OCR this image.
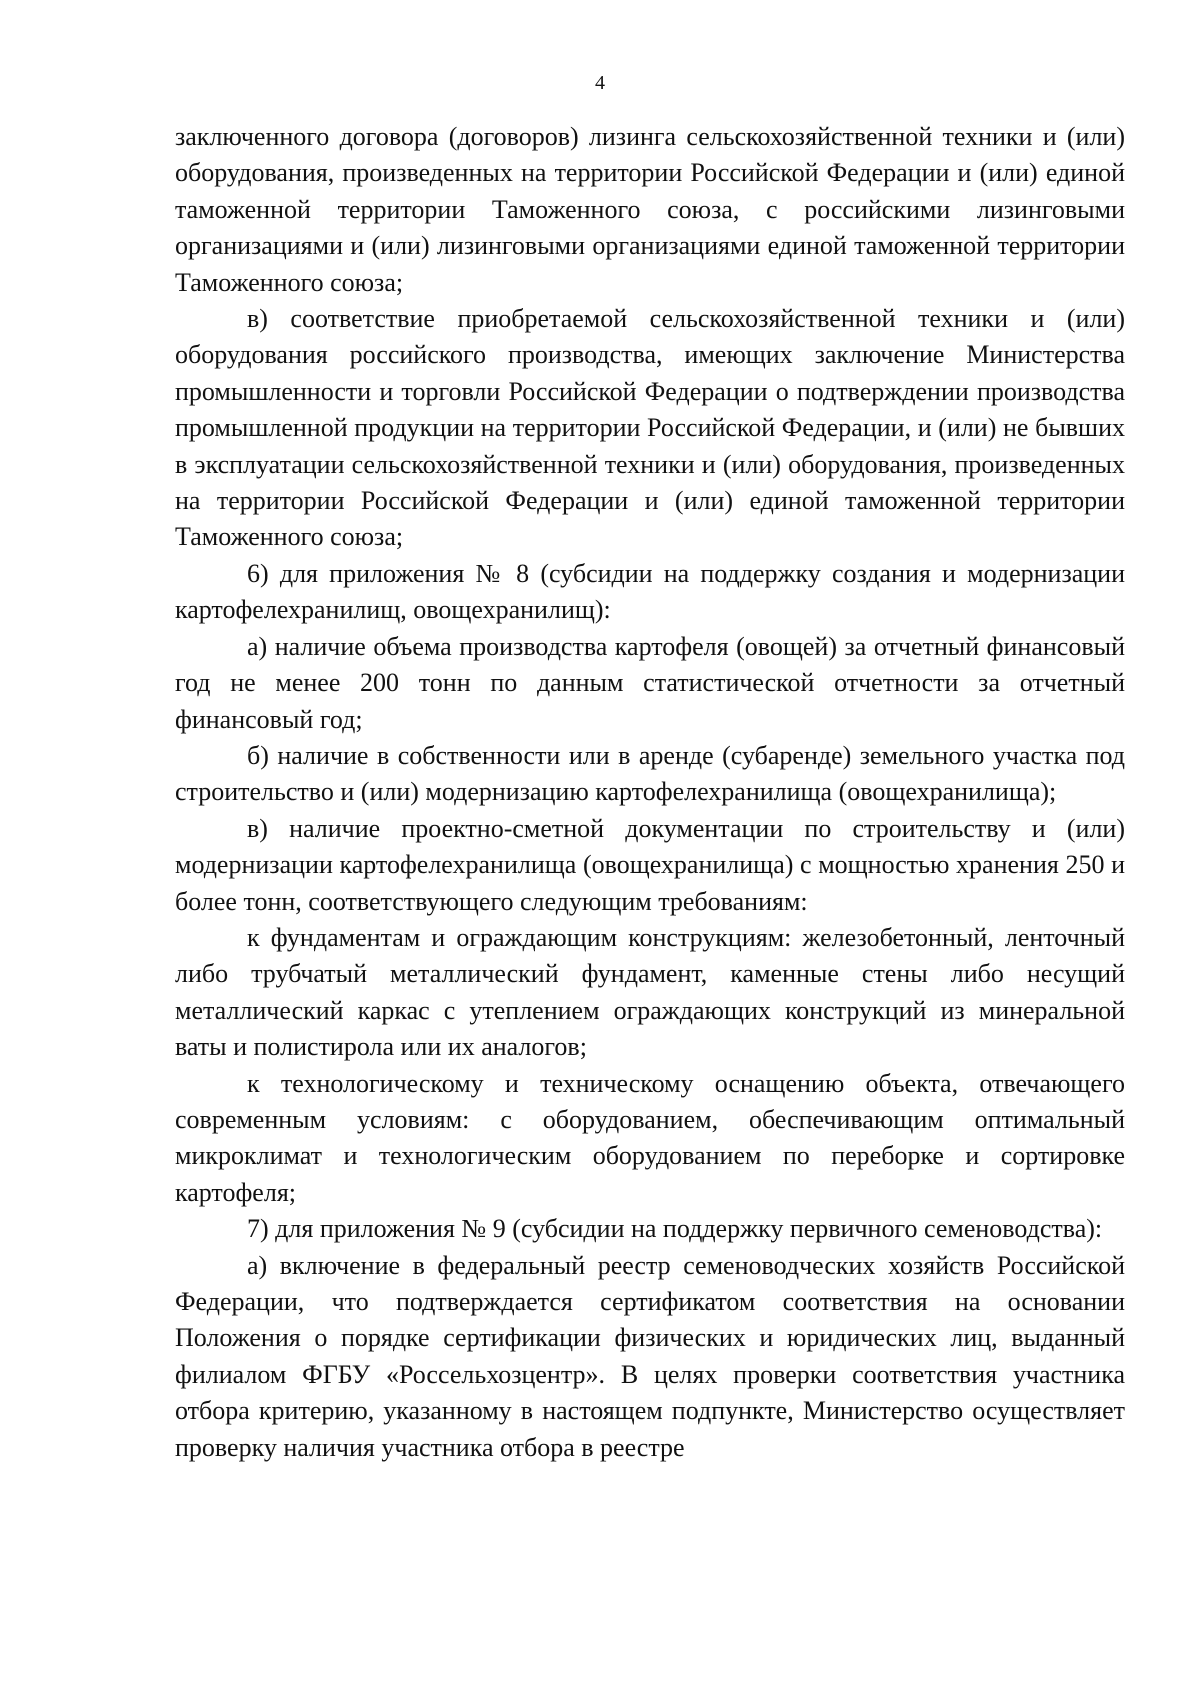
4

заключенного договора (договоров) лизинга сельскохозяйственной техники и (или) оборудования, произведенных на территории Российской Федерации и (или) единой таможенной территории Таможенного союза, с российскими лизинговыми организациями и (или) лизинговыми организациями единой таможенной территории Таможенного союза;

в) соответствие приобретаемой сельскохозяйственной техники и (или) оборудования российского производства, имеющих заключение Министерства промышленности и торговли Российской Федерации о подтверждении производства промышленной продукции на территории Российской Федерации, и (или) не бывших в эксплуатации сельскохозяйственной техники и (или) оборудования, произведенных на территории Российской Федерации и (или) единой таможенной территории Таможенного союза;

6) для приложения № 8 (субсидии на поддержку создания и модернизации картофелехранилищ, овощехранилищ):

а) наличие объема производства картофеля (овощей) за отчетный финансовый год не менее 200 тонн по данным статистической отчетности за отчетный финансовый год;

б) наличие в собственности или в аренде (субаренде) земельного участка под строительство и (или) модернизацию картофелехранилища (овощехранилища);

в) наличие проектно-сметной документации по строительству и (или) модернизации картофелехранилища (овощехранилища) с мощностью хранения 250 и более тонн, соответствующего следующим требованиям:

к фундаментам и ограждающим конструкциям: железобетонный, ленточный либо трубчатый металлический фундамент, каменные стены либо несущий металлический каркас с утеплением ограждающих конструкций из минеральной ваты и полистирола или их аналогов;

к технологическому и техническому оснащению объекта, отвечающего современным условиям: с оборудованием, обеспечивающим оптимальный микроклимат и технологическим оборудованием по переборке и сортировке картофеля;

7) для приложения № 9 (субсидии на поддержку первичного семеноводства):

а) включение в федеральный реестр семеноводческих хозяйств Российской Федерации, что подтверждается сертификатом соответствия на основании Положения о порядке сертификации физических и юридических лиц, выданный филиалом ФГБУ «Россельхозцентр». В целях проверки соответствия участника отбора критерию, указанному в настоящем подпункте, Министерство осуществляет проверку наличия участника отбора в реестре
